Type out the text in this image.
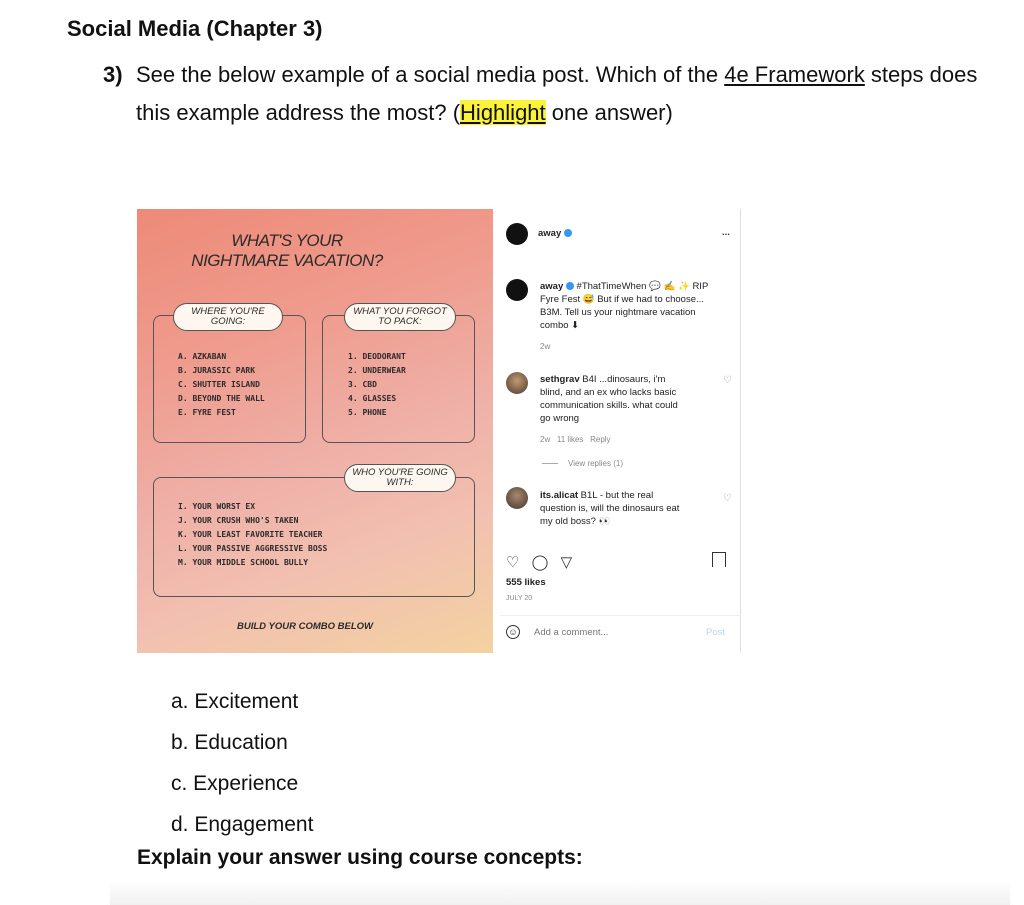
Social Media (Chapter 3)
3) See the below example of a social media post. Which of the 4e Framework steps does this example address the most? (Highlight one answer)
WHAT'S YOUR
NIGHTMARE VACATION?
WHERE YOU'RE GOING:
A. AZKABAN
B. JURASSIC PARK
C. SHUTTER ISLAND
D. BEYOND THE WALL
E. FYRE FEST
WHAT YOU FORGOT TO PACK:
1. DEODORANT
2. UNDERWEAR
3. CBD
4. GLASSES
5. PHONE
WHO YOU'RE GOING WITH:
I. YOUR WORST EX
J. YOUR CRUSH WHO'S TAKEN
K. YOUR LEAST FAVORITE TEACHER
L. YOUR PASSIVE AGGRESSIVE BOSS
M. YOUR MIDDLE SCHOOL BULLY
BUILD YOUR COMBO BELOW
away	...
away #ThatTimeWhen 💬 ✍ ✨ RIP
Fyre Fest 😅 But if we had to choose...
B3M. Tell us your nightmare vacation
combo ⬇
2w
sethgrav B4I ...dinosaurs, i'm
blind, and an ex who lacks basic
communication skills. what could
go wrong
2w   11 likes   Reply
♡
View replies (1)
its.alicat B1L - but the real
question is, will the dinosaurs eat
my old boss? 👀
♡
♡ ◯ ▽
555 likes
JULY 20
☺ Add a comment...	Post
a. Excitement
b. Education
c. Experience
d. Engagement
Explain your answer using course concepts:
